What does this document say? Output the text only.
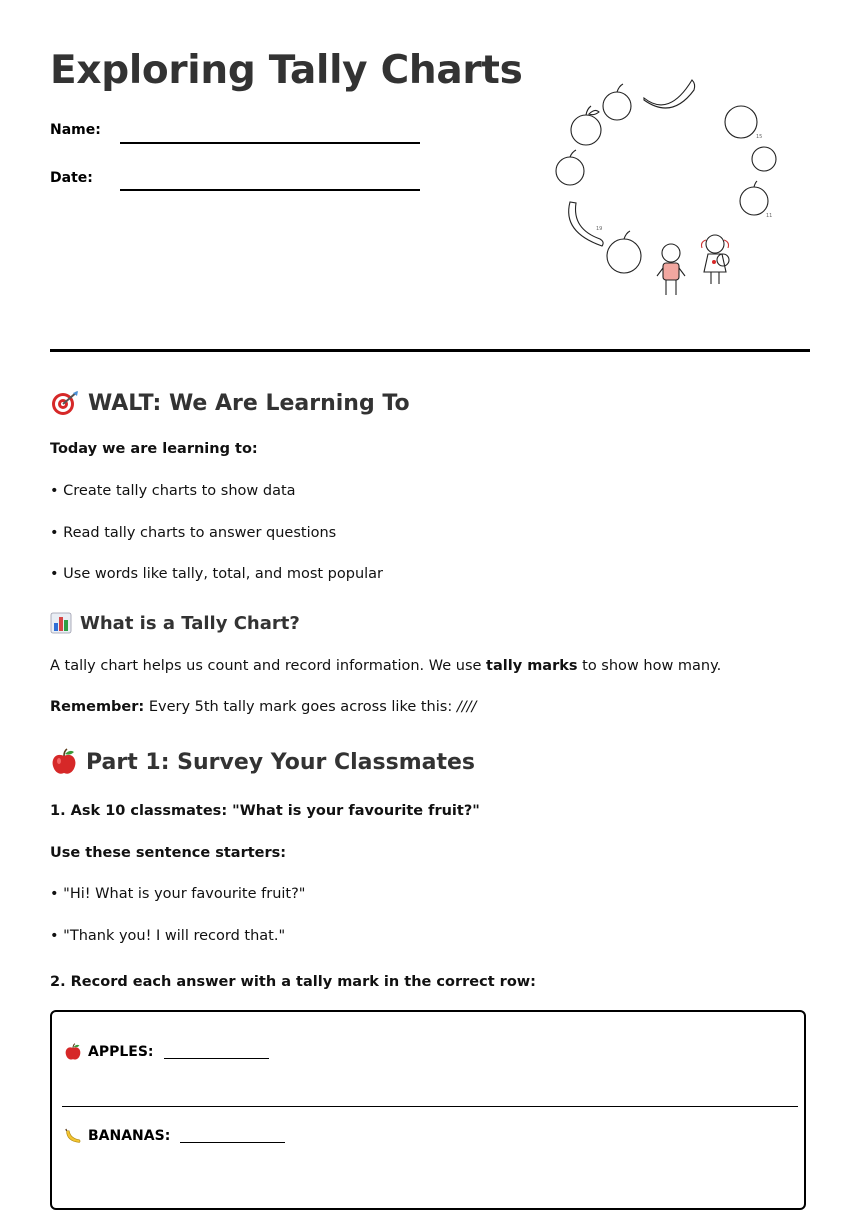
Exploring Tally Charts
Name:
Date:
15
11
19
WALT: We Are Learning To

Today we are learning to:

• Create tally charts to show data

• Read tally charts to answer questions

• Use words like tally, total, and most popular

What is a Tally Chart?

A tally chart helps us count and record information. We use tally marks to show how many.

Remember: Every 5th tally mark goes across like this: ////

Part 1: Survey Your Classmates

1. Ask 10 classmates: "What is your favourite fruit?"

Use these sentence starters:

• "Hi! What is your favourite fruit?"

• "Thank you! I will record that."

2. Record each answer with a tally mark in the correct row:

APPLES:
BANANAS:
